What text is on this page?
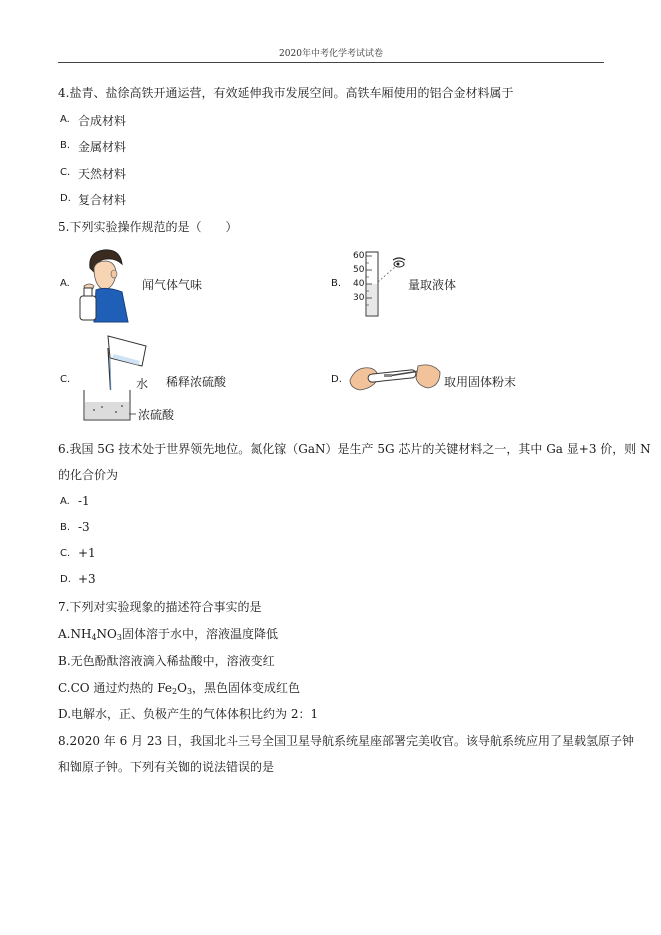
2020年中考化学考试试卷
4.盐青、盐徐高铁开通运营，有效延伸我市发展空间。高铁车厢使用的铝合金材料属于
A. 合成材料
B. 金属材料
C. 天然材料
D. 复合材料
5.下列实验操作规范的是（　　）
A.	闻气体气味	B.
60
50
40
30
量取液体
C.	水
浓硫酸
稀释浓硫酸	D.	取用固体粉末
6.我国 5G 技术处于世界领先地位。氮化镓（GaN）是生产 5G 芯片的关键材料之一，其中 Ga 显+3 价，则 N
的化合价为
A. -1
B. -3
C. +1
D. +3
7.下列对实验现象的描述符合事实的是
$A.NH_4NO_3$固体溶于水中，溶液温度降低
B.无色酚酞溶液滴入稀盐酸中，溶液变红
C.CO 通过灼热的 $Fe_2O_3$，黑色固体变成红色
D.电解水，正、负极产生的气体体积比约为 2：1
8.2020 年 6 月 23 日，我国北斗三号全国卫星导航系统星座部署完美收官。该导航系统应用了星载氢原子钟
和铷原子钟。下列有关铷的说法错误的是
